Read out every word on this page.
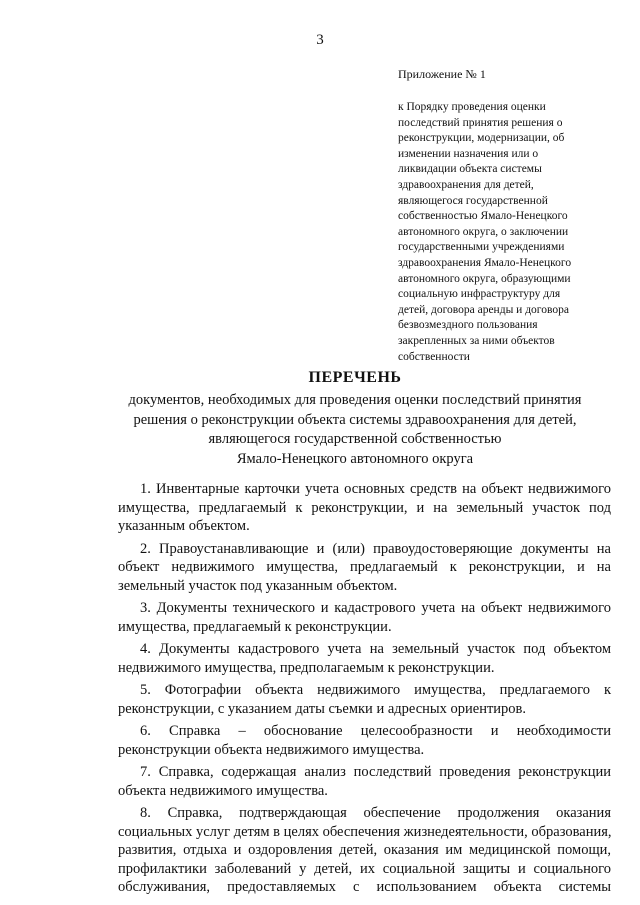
3
Приложение № 1
к Порядку проведения оценки
последствий принятия решения о
реконструкции, модернизации, об
изменении назначения или о
ликвидации объекта системы
здравоохранения для детей,
являющегося государственной
собственностью Ямало-Ненецкого
автономного округа, о заключении
государственными учреждениями
здравоохранения Ямало-Ненецкого
автономного округа, образующими
социальную инфраструктуру для
детей, договора аренды и договора
безвозмездного пользования
закрепленных за ними объектов
собственности
ПЕРЕЧЕНЬ
документов, необходимых для проведения оценки последствий принятия
решения о реконструкции объекта системы здравоохранения для детей,
являющегося государственной собственностью
Ямало-Ненецкого автономного округа
1. Инвентарные карточки учета основных средств на объект недвижимого
имущества, предлагаемый к реконструкции, и на земельный участок под
указанным объектом.
2. Правоустанавливающие и (или) правоудостоверяющие документы на
объект недвижимого имущества, предлагаемый к реконструкции, и на
земельный участок под указанным объектом.
3. Документы технического и кадастрового учета на объект недвижимого
имущества, предлагаемый к реконструкции.
4. Документы кадастрового учета на земельный участок под объектом
недвижимого имущества, предполагаемым к реконструкции.
5. Фотографии объекта недвижимого имущества, предлагаемого к
реконструкции, с указанием даты съемки и адресных ориентиров.
6. Справка – обоснование целесообразности и необходимости
реконструкции объекта недвижимого имущества.
7. Справка, содержащая анализ последствий проведения реконструкции
объекта недвижимого имущества.
8. Справка, подтверждающая обеспечение продолжения оказания
социальных услуг детям в целях обеспечения жизнедеятельности, образования,
развития, отдыха и оздоровления детей, оказания им медицинской помощи,
профилактики заболеваний у детей, их социальной защиты и социального
обслуживания, предоставляемых с использованием объекта системы
